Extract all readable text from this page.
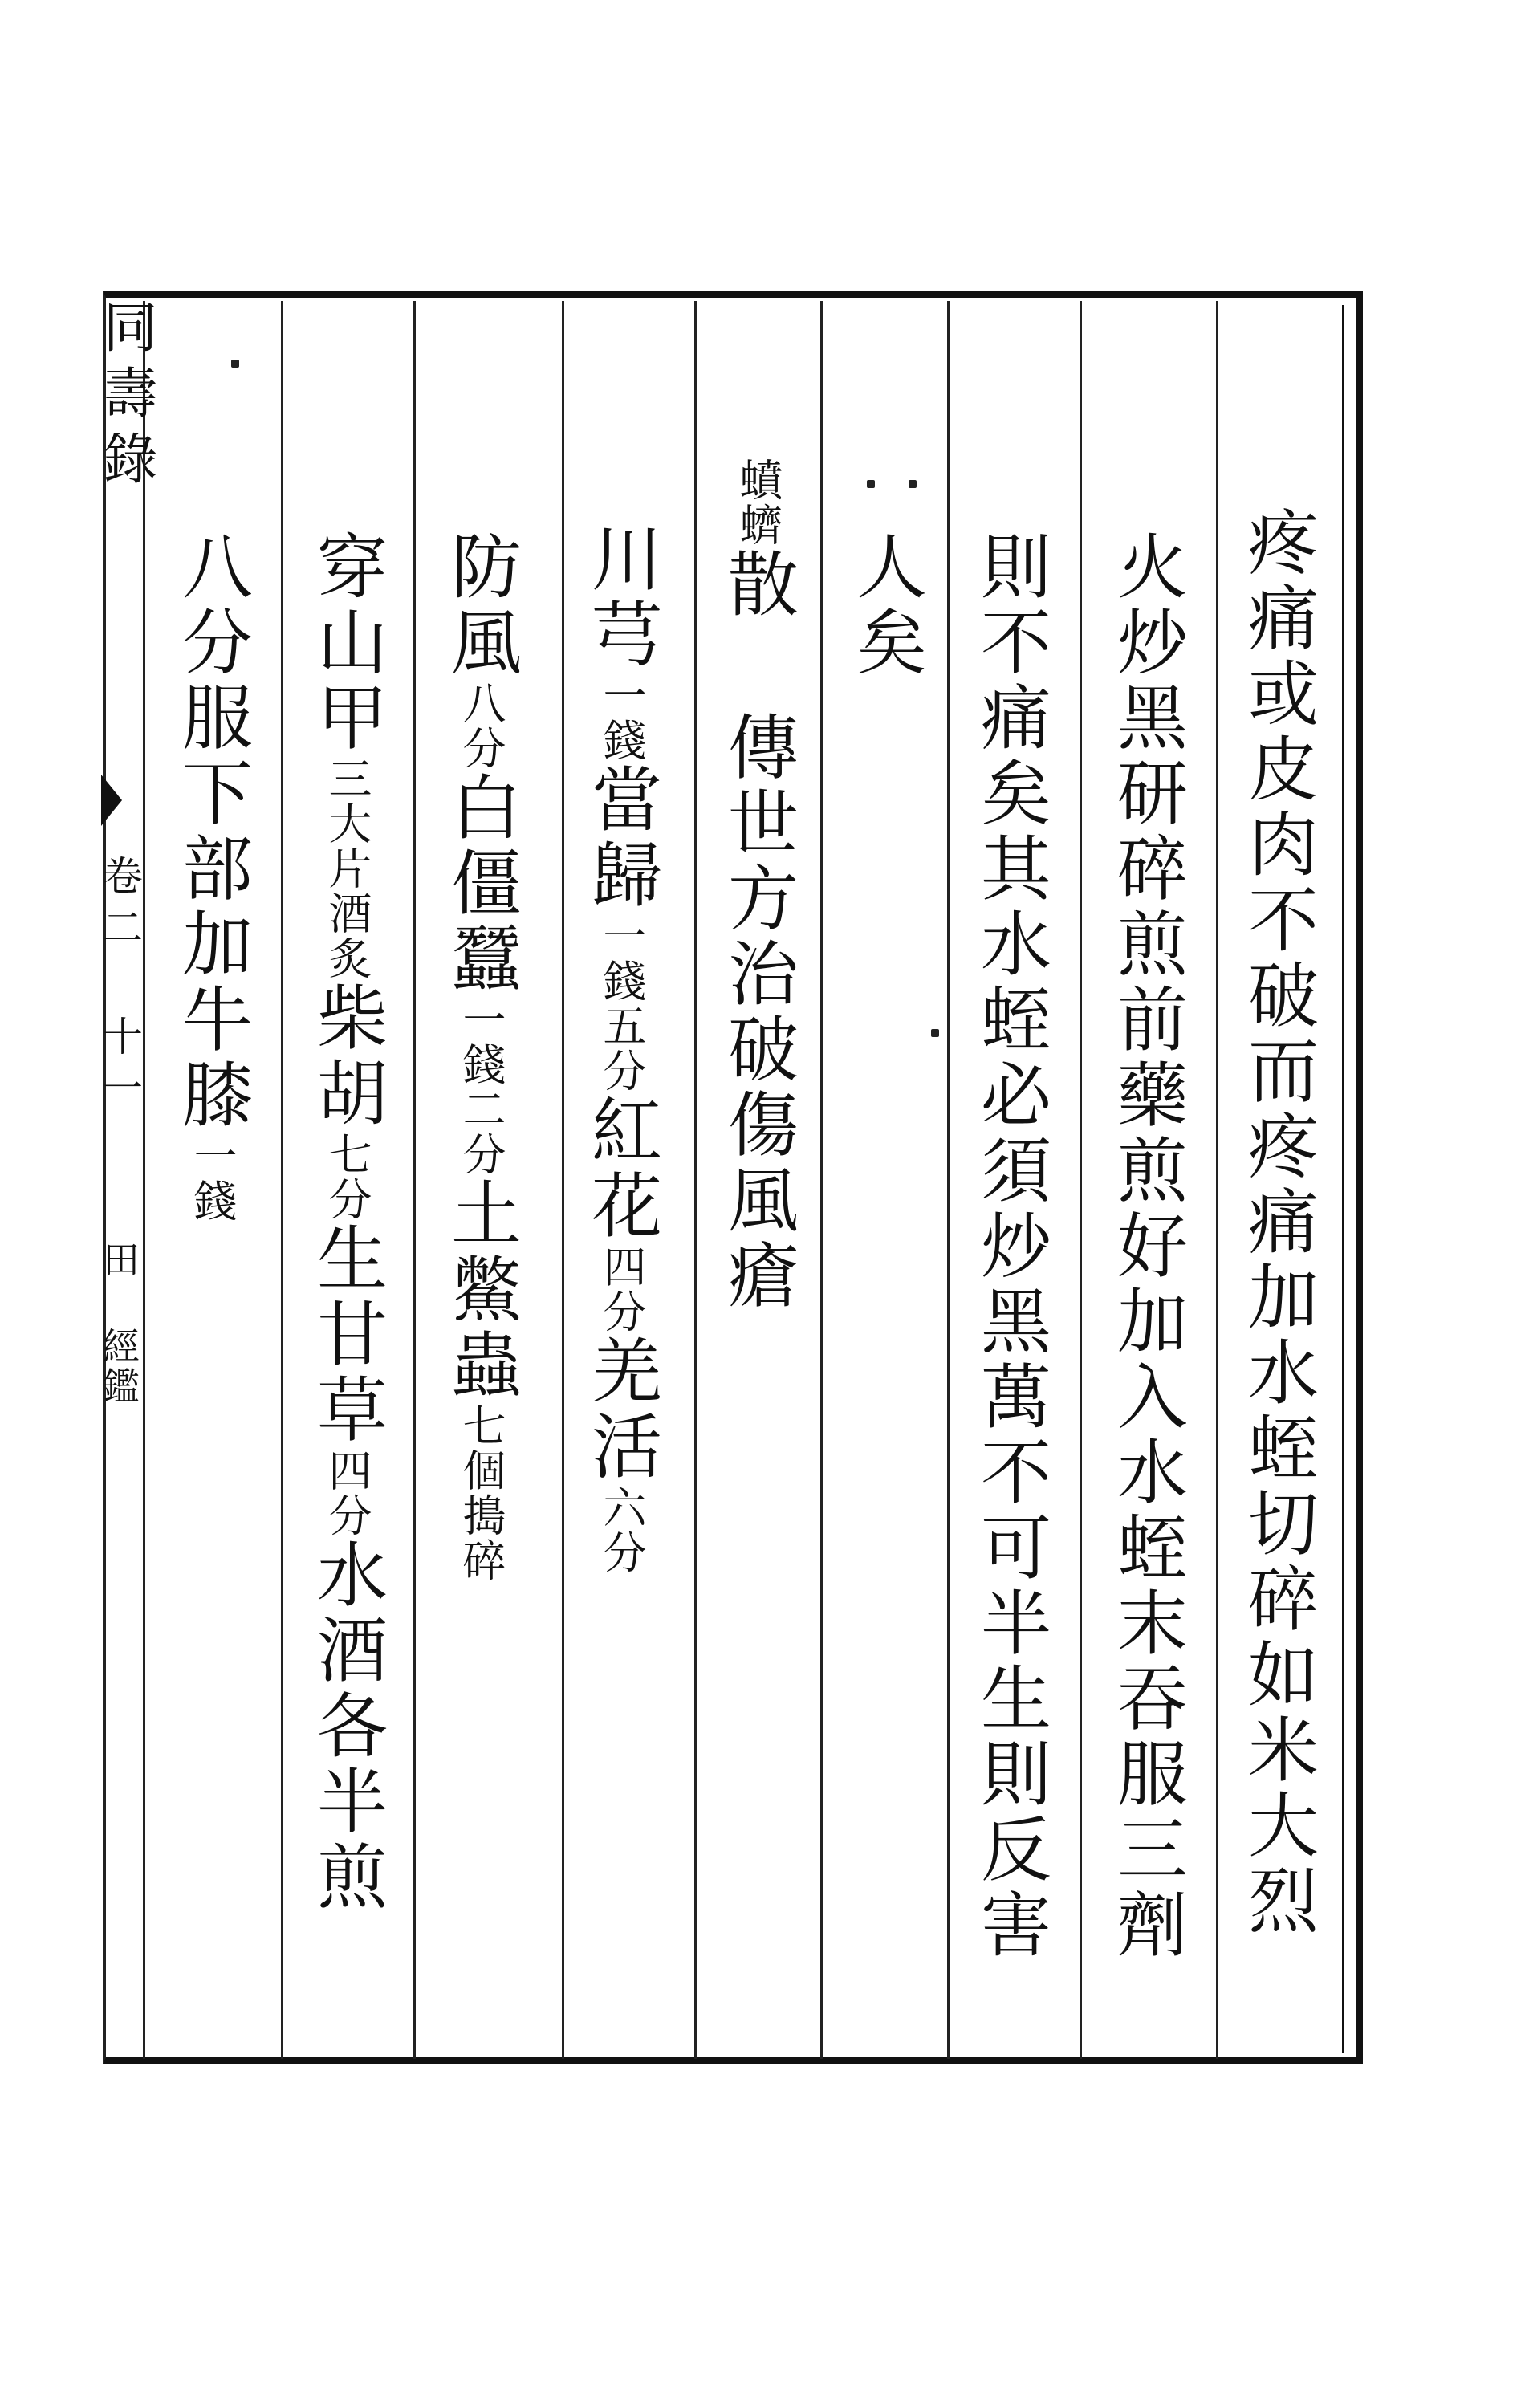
同壽錄
卷二 十一
田 經鑑	疼痛或皮肉不破而疼痛加水蛭切碎如米大烈
火炒黑研碎煎前藥煎好加入水蛭末吞服三劑
則不痛矣其水蛭必須炒黑萬不可半生則反害
人矣
蟦蠐散 傳世方治破傷風瘡
川芎一錢當歸一錢五分紅花四分羌活六分
防風八分白僵蠶一錢二分土鱉蟲七個搗碎
穿山甲三大片酒炙柴胡七分生甘草四分水酒各半煎
八分服下部加牛膝一錢
